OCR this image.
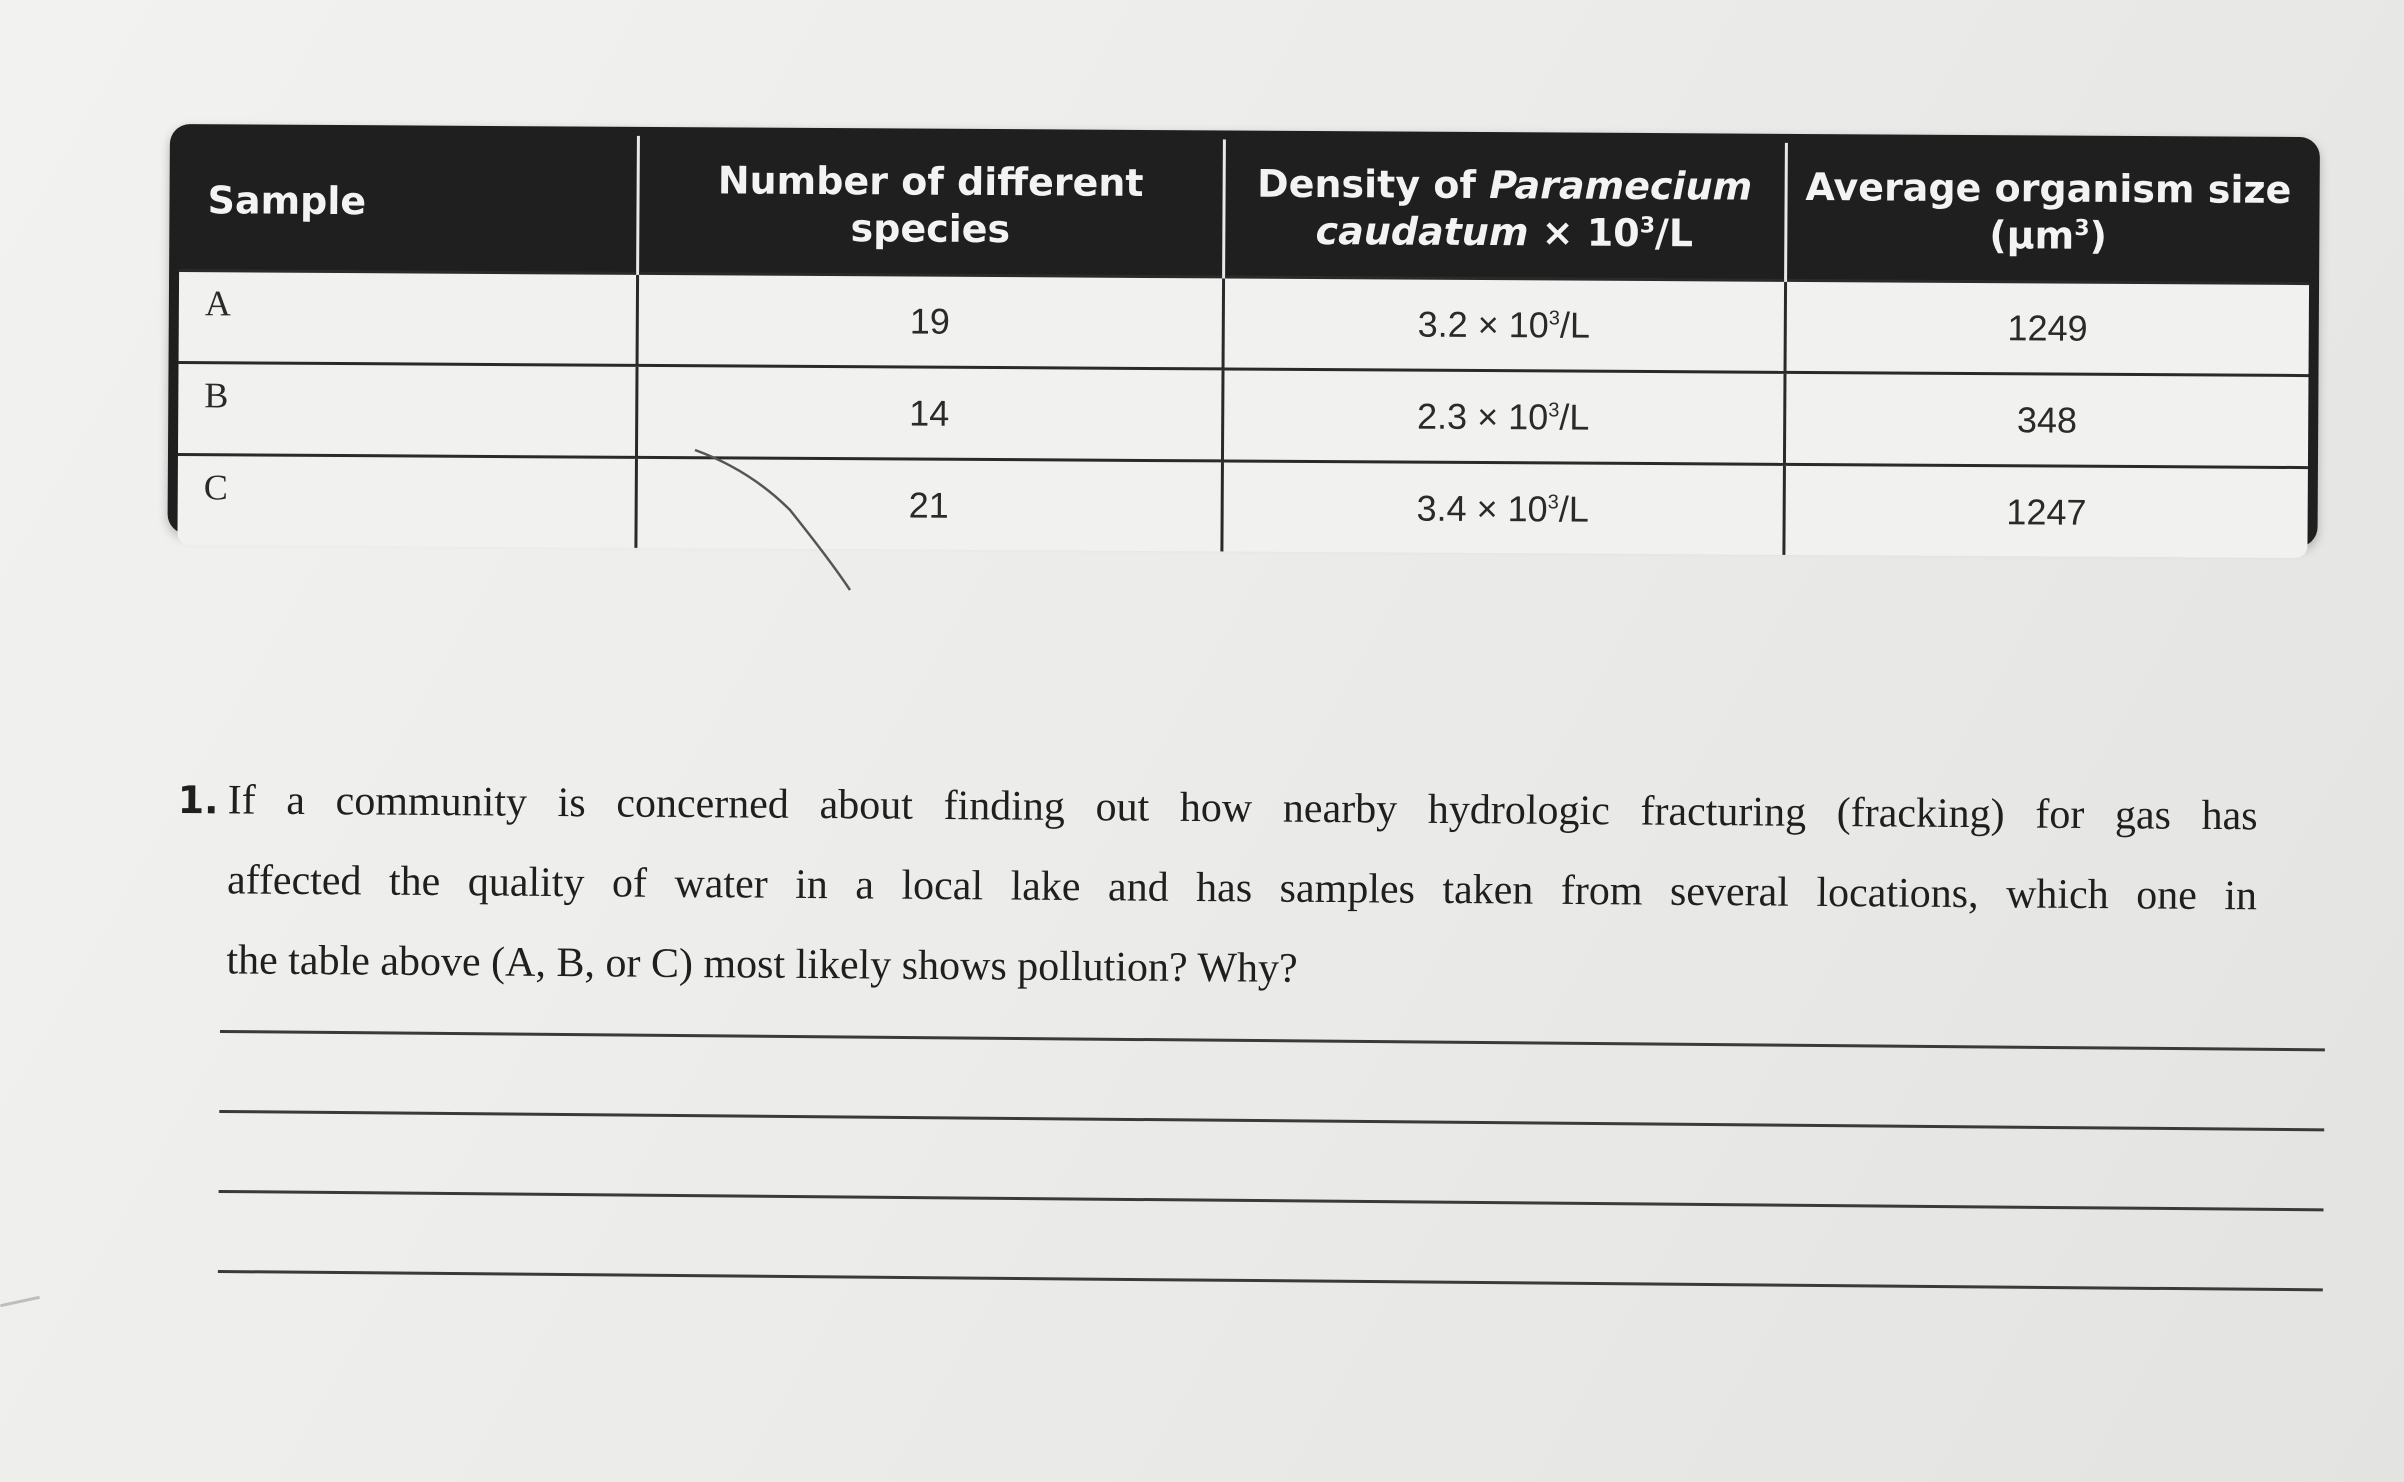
Sample	Number of different species	Density of Paramecium caudatum × $10^3/L$	Average organism size $(\mu m^3)$
A	19	$3.2 \times 10^3/L$	1249
B	14	$2.3 \times 10^3/L$	348
C	21	$3.4 \times 10^3/L$	1247
1. If a community is concerned about finding out how nearby hydrologic fracturing (fracking) for gas has
affected the quality of water in a local lake and has samples taken from several locations, which one in
the table above (A, B, or C) most likely shows pollution? Why?
